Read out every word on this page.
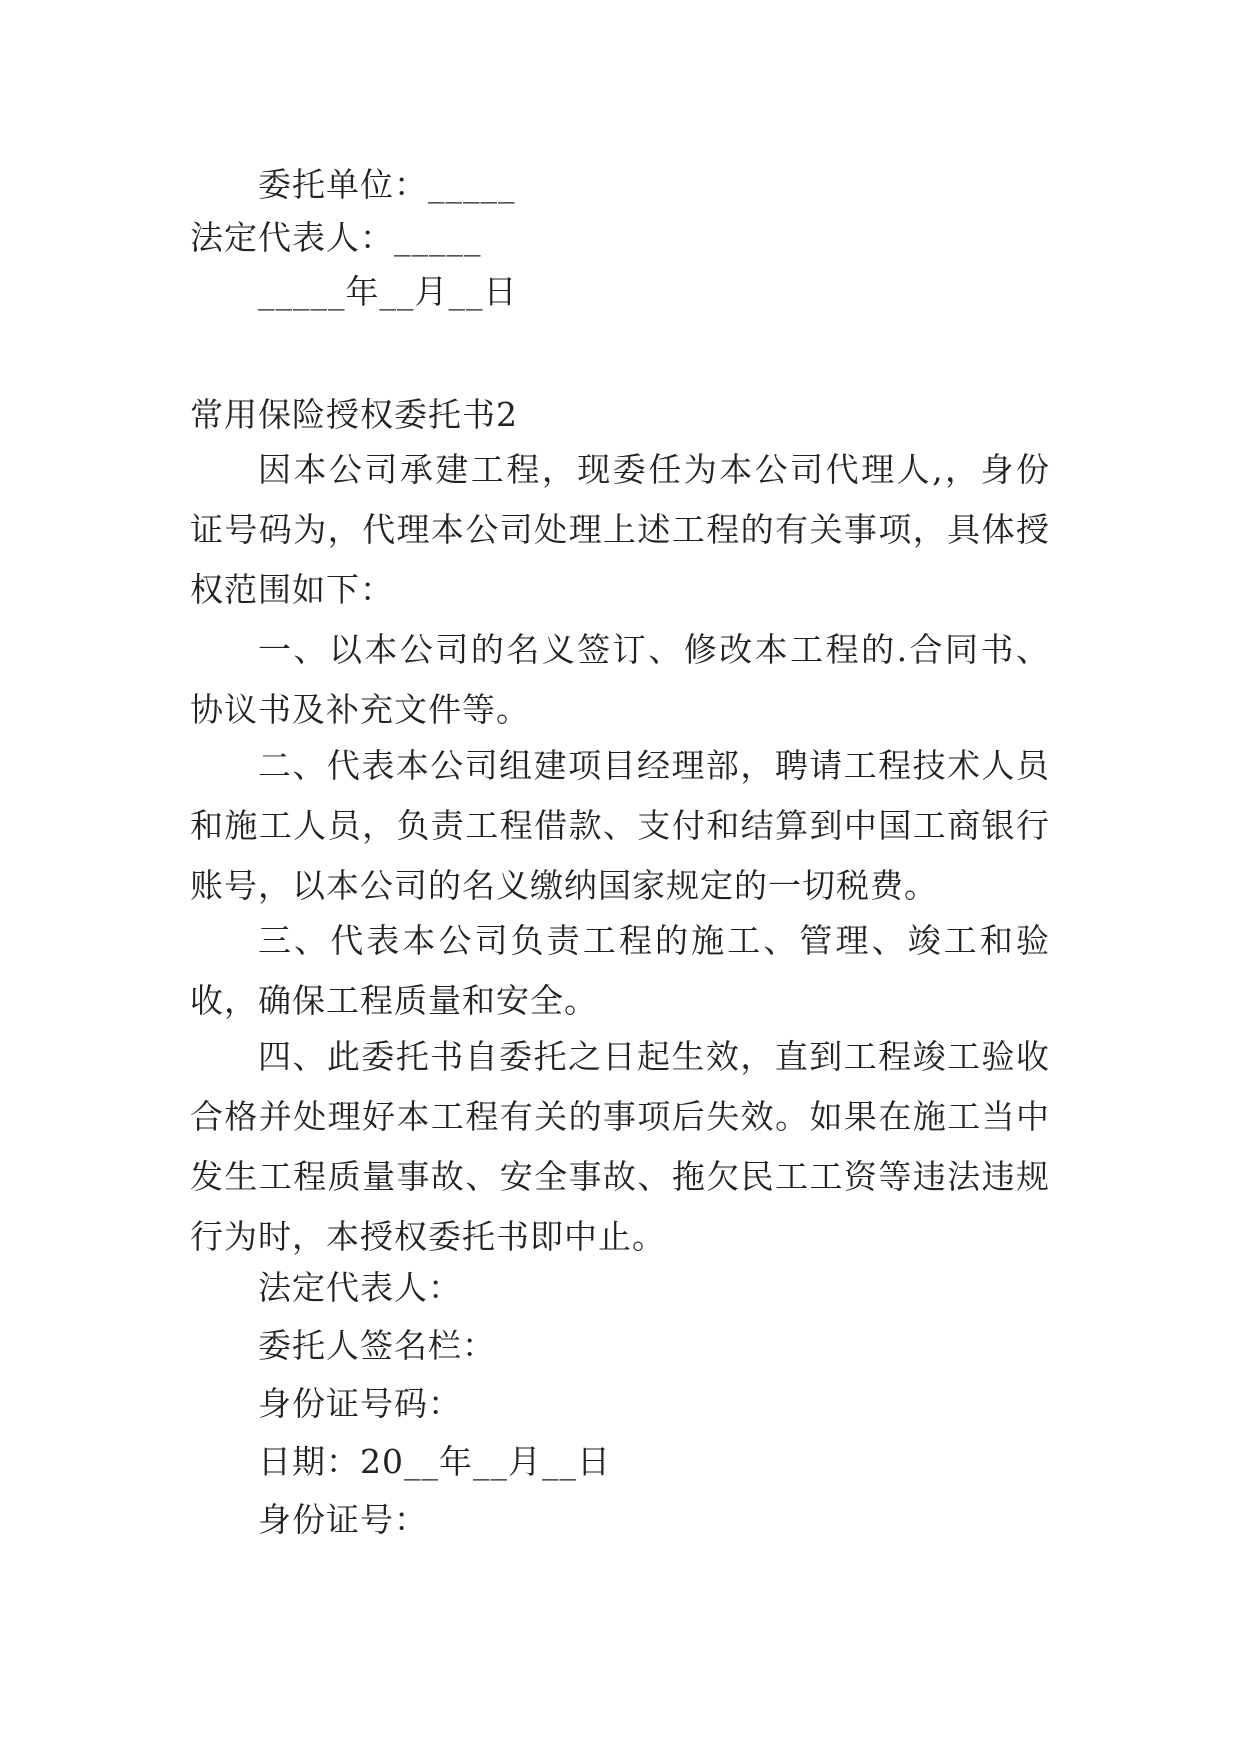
委托单位：_____

法定代表人：_____

_____年__月__日

常用保险授权委托书2

因本公司承建工程，现委任为本公司代理人,，身份证号码为，代理本公司处理上述工程的有关事项，具体授权范围如下：

一、以本公司的名义签订、修改本工程的.合同书、协议书及补充文件等。

二、代表本公司组建项目经理部，聘请工程技术人员和施工人员，负责工程借款、支付和结算到中国工商银行账号，以本公司的名义缴纳国家规定的一切税费。

三、代表本公司负责工程的施工、管理、竣工和验收，确保工程质量和安全。

四、此委托书自委托之日起生效，直到工程竣工验收合格并处理好本工程有关的事项后失效。如果在施工当中发生工程质量事故、安全事故、拖欠民工工资等违法违规行为时，本授权委托书即中止。

法定代表人：

委托人签名栏：

身份证号码：

日期：20__年__月__日

身份证号：
